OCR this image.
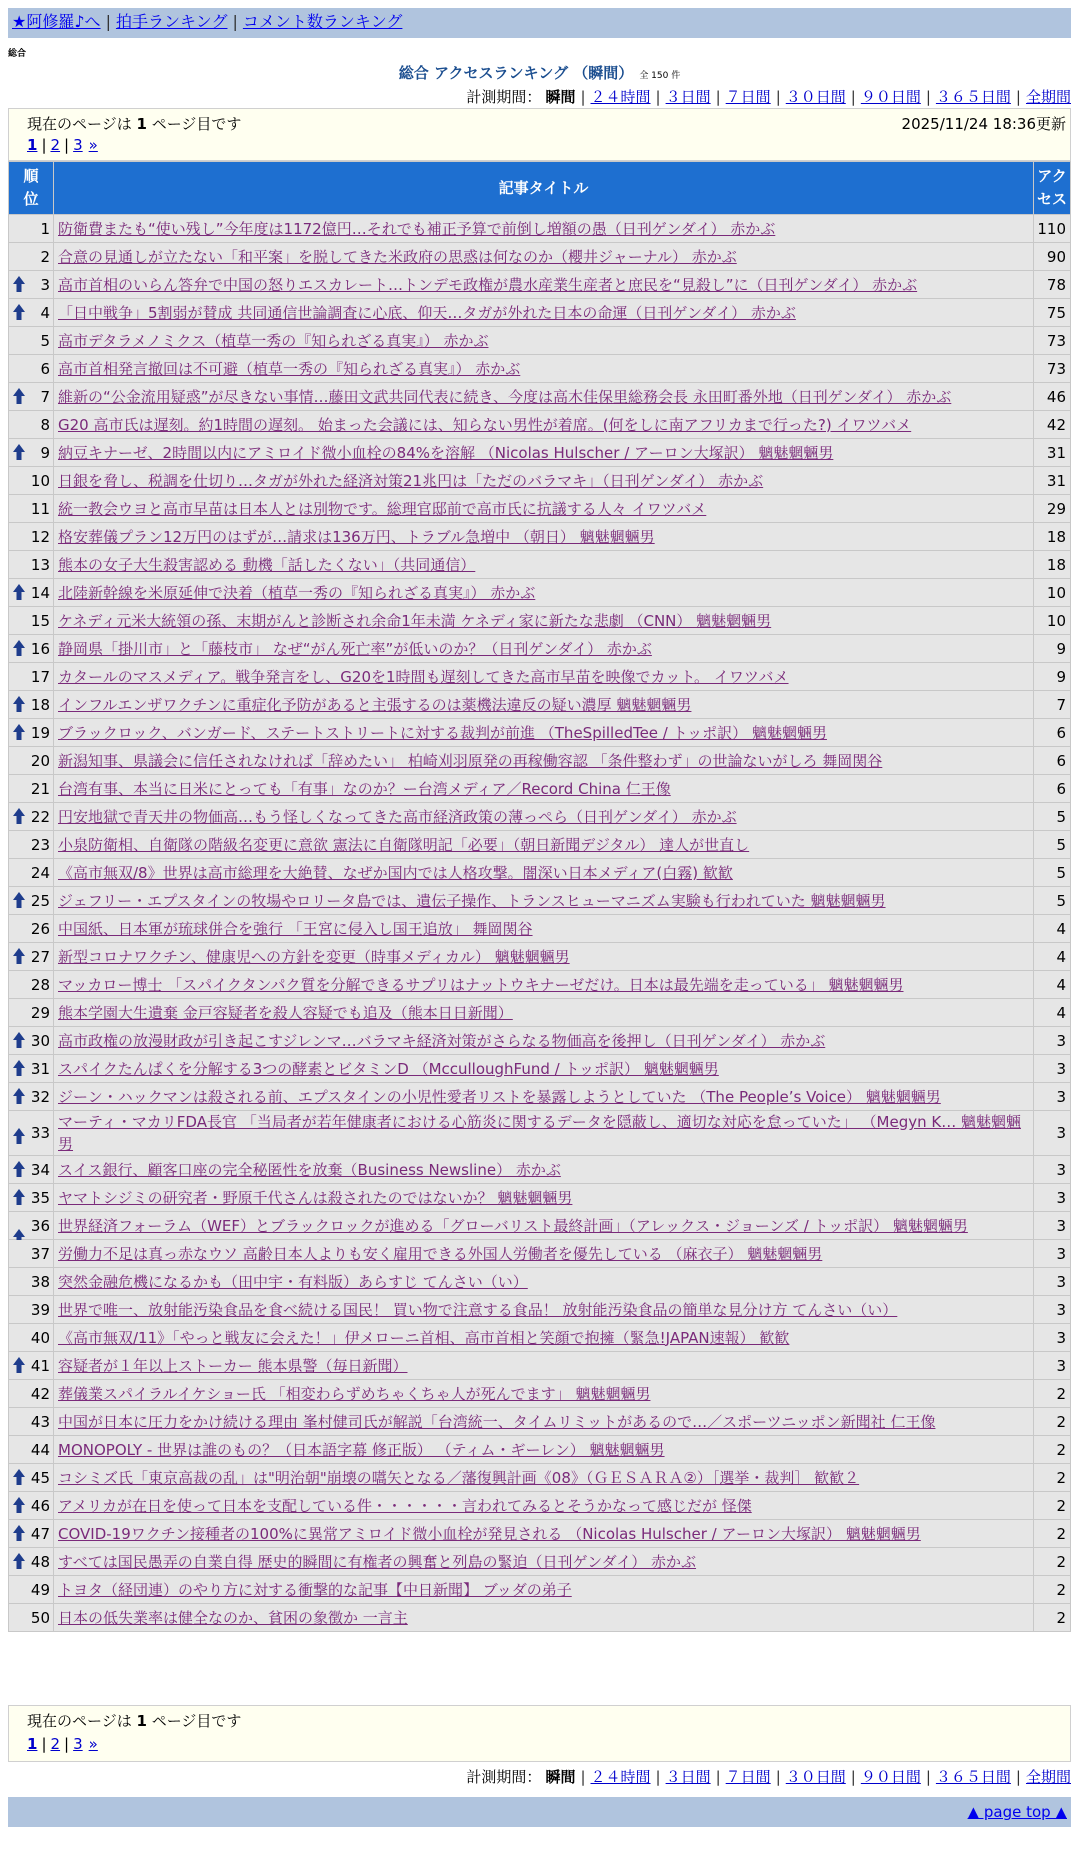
★阿修羅♪へ | 拍手ランキング | コメント数ランキング
総合
総合 アクセスランキング （瞬間） 全 150 件
計測期間： 瞬間 | ２４時間 | ３日間 | ７日間 | ３０日間 | ９０日間 | ３６５日間 | 全期間
現在のページは 1 ページ目です	2025/11/24 18:36更新
1 | 2 | 3 »
順位	記事タイトル	アクセス

1	防衛費またも“使い残し”今年度は1172億円…それでも補正予算で前倒し増額の愚（日刊ゲンダイ） 赤かぶ	110
2	合意の見通しが立たない「和平案」を脱してきた米政府の思惑は何なのか（櫻井ジャーナル） 赤かぶ	90

3	高市首相のいらん答弁で中国の怒りエスカレート…トンデモ政権が農水産業生産者と庶民を“見殺し”に（日刊ゲンダイ） 赤かぶ	78

4	「日中戦争」5割弱が賛成 共同通信世論調査に心底、仰天…タガが外れた日本の命運（日刊ゲンダイ） 赤かぶ	75
5	高市デタラメノミクス（植草一秀の『知られざる真実』） 赤かぶ	73
6	高市首相発言撤回は不可避（植草一秀の『知られざる真実』） 赤かぶ	73

7	維新の“公金流用疑惑”が尽きない事情…藤田文武共同代表に続き、今度は高木佳保里総務会長 永田町番外地（日刊ゲンダイ） 赤かぶ	46
8	G20 高市氏は遅刻。約1時間の遅刻。 始まった会議には、知らない男性が着席。(何をしに南アフリカまで行った?) イワツバメ	42

9	納豆キナーゼ、2時間以内にアミロイド微小血栓の84%を溶解 （Nicolas Hulscher / アーロン大塚訳） 魑魅魍魎男	31
10	日銀を脅し、税調を仕切り…タガが外れた経済対策21兆円は「ただのバラマキ」（日刊ゲンダイ） 赤かぶ	31
11	統一教会ウヨと高市早苗は日本人とは別物です。総理官邸前で高市氏に抗議する人々 イワツバメ	29
12	格安葬儀プラン12万円のはずが…請求は136万円、トラブル急増中 （朝日） 魑魅魍魎男	18
13	熊本の女子大生殺害認める 動機「話したくない」（共同通信）	18

14	北陸新幹線を米原延伸で決着（植草一秀の『知られざる真実』） 赤かぶ	10
15	ケネディ元米大統領の孫、末期がんと診断され余命1年未満 ケネディ家に新たな悲劇 （CNN） 魑魅魍魎男	10

16	静岡県「掛川市」と「藤枝市」 なぜ“がん死亡率”が低いのか？（日刊ゲンダイ） 赤かぶ	9
17	カタールのマスメディア。戦争発言をし、G20を1時間も遅刻してきた高市早苗を映像でカット。 イワツバメ	9

18	インフルエンザワクチンに重症化予防があると主張するのは薬機法違反の疑い濃厚 魑魅魍魎男	7

19	ブラックロック、バンガード、ステートストリートに対する裁判が前進 （TheSpilledTee / トッポ訳） 魑魅魍魎男	6
20	新潟知事、県議会に信任されなければ「辞めたい」 柏崎刈羽原発の再稼働容認 「条件整わず」の世論ないがしろ 舞岡関谷	6
21	台湾有事、本当に日米にとっても「有事」なのか？ー台湾メディア／Record China 仁王像	6

22	円安地獄で青天井の物価高…もう怪しくなってきた高市経済政策の薄っぺら（日刊ゲンダイ） 赤かぶ	5
23	小泉防衛相、自衛隊の階級名変更に意欲 憲法に自衛隊明記「必要」（朝日新聞デジタル） 達人が世直し	5
24	《高市無双/8》世界は高市総理を大絶賛、なぜか国内では人格攻撃。闇深い日本メディア(白霧) 歓歓	5

25	ジェフリー・エプスタインの牧場やロリータ島では、遺伝子操作、トランスヒューマニズム実験も行われていた 魑魅魍魎男	5
26	中国紙、日本軍が琉球併合を強行 「王宮に侵入し国王追放」 舞岡関谷	4

27	新型コロナワクチン、健康児への方針を変更（時事メディカル） 魑魅魍魎男	4
28	マッカロー博士 「スパイクタンパク質を分解できるサプリはナットウキナーゼだけ。日本は最先端を走っている」 魑魅魍魎男	4
29	熊本学園大生遺棄 金戸容疑者を殺人容疑でも追及（熊本日日新聞）	4

30	高市政権の放漫財政が引き起こすジレンマ…バラマキ経済対策がさらなる物価高を後押し（日刊ゲンダイ） 赤かぶ	3

31	スパイクたんぱくを分解する3つの酵素とビタミンD （McculloughFund / トッポ訳） 魑魅魍魎男	3

32	ジーン・ハックマンは殺される前、エプスタインの小児性愛者リストを暴露しようとしていた （The People’s Voice） 魑魅魍魎男	3

33	マーティ・マカリFDA長官 「当局者が若年健康者における心筋炎に関するデータを隠蔽し、適切な対応を怠っていた」 （Megyn K… 魑魅魍魎男	3

34	スイス銀行、顧客口座の完全秘匿性を放棄（Business Newsline） 赤かぶ	3

35	ヤマトシジミの研究者・野原千代さんは殺されたのではないか？ 魑魅魍魎男	3

36	世界経済フォーラム（WEF）とブラックロックが進める「グローバリスト最終計画」（アレックス・ジョーンズ / トッポ訳） 魑魅魍魎男	3
37	労働力不足は真っ赤なウソ 高齢日本人よりも安く雇用できる外国人労働者を優先している （麻衣子） 魑魅魍魎男	3
38	突然金融危機になるかも（田中宇・有料版）あらすじ てんさい（い）	3
39	世界で唯一、放射能汚染食品を食べ続ける国民！ 買い物で注意する食品！ 放射能汚染食品の簡単な見分け方 てんさい（い）	3
40	《高市無双/11》「やっと戦友に会えた！」伊メローニ首相、高市首相と笑顔で抱擁（緊急!JAPAN速報） 歓歓	3

41	容疑者が１年以上ストーカー 熊本県警（毎日新聞）	3
42	葬儀業スパイラルイケショー氏 「相変わらずめちゃくちゃ人が死んでます」 魑魅魍魎男	2
43	中国が日本に圧力をかけ続ける理由 峯村健司氏が解説「台湾統一、タイムリミットがあるので…／スポーツニッポン新聞社 仁王像	2
44	MONOPOLY - 世界は誰のもの？（日本語字幕 修正版） （ティム・ギーレン） 魑魅魍魎男	2

45	コシミズ氏「東京高裁の乱」は"明治朝"崩壊の嚆矢となる／藩復興計画《08》（ＧＥＳＡＲＡ②）［選挙・裁判］ 歓歓２	2

46	アメリカが在日を使って日本を支配している件・・・・・・言われてみるとそうかなって感じだが 怪傑	2

47	COVID-19ワクチン接種者の100%に異常アミロイド微小血栓が発見される （Nicolas Hulscher / アーロン大塚訳） 魑魅魍魎男	2

48	すべては国民愚弄の自業自得 歴史的瞬間に有権者の興奮と列島の緊迫（日刊ゲンダイ） 赤かぶ	2
49	トヨタ（経団連）のやり方に対する衝撃的な記事【中日新聞】 ブッダの弟子	2
50	日本の低失業率は健全なのか、貧困の象徴か 一言主	2
現在のページは 1 ページ目です
1 | 2 | 3 »
計測期間： 瞬間 | ２４時間 | ３日間 | ７日間 | ３０日間 | ９０日間 | ３６５日間 | 全期間
▲ page top ▲
